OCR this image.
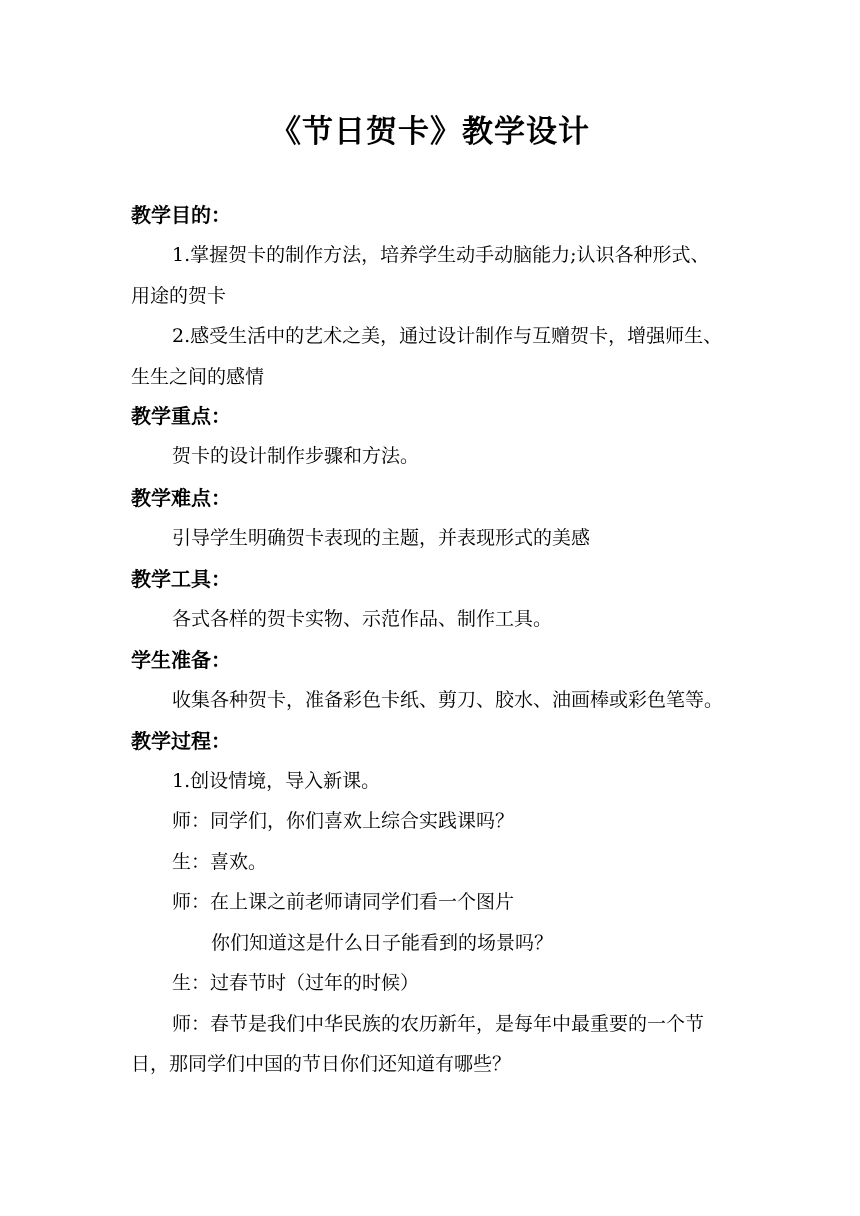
《节日贺卡》教学设计
教学目的：
1.掌握贺卡的制作方法，培养学生动手动脑能力;认识各种形式、
用途的贺卡
2.感受生活中的艺术之美，通过设计制作与互赠贺卡，增强师生、
生生之间的感情
教学重点：
贺卡的设计制作步骤和方法。
教学难点：
引导学生明确贺卡表现的主题，并表现形式的美感
教学工具：
各式各样的贺卡实物、示范作品、制作工具。
学生准备：
收集各种贺卡，准备彩色卡纸、剪刀、胶水、油画棒或彩色笔等。
教学过程：
1.创设情境，导入新课。
师：同学们，你们喜欢上综合实践课吗？
生：喜欢。
师：在上课之前老师请同学们看一个图片
你们知道这是什么日子能看到的场景吗？
生：过春节时（过年的时候）
师：春节是我们中华民族的农历新年，是每年中最重要的一个节
日，那同学们中国的节日你们还知道有哪些？
